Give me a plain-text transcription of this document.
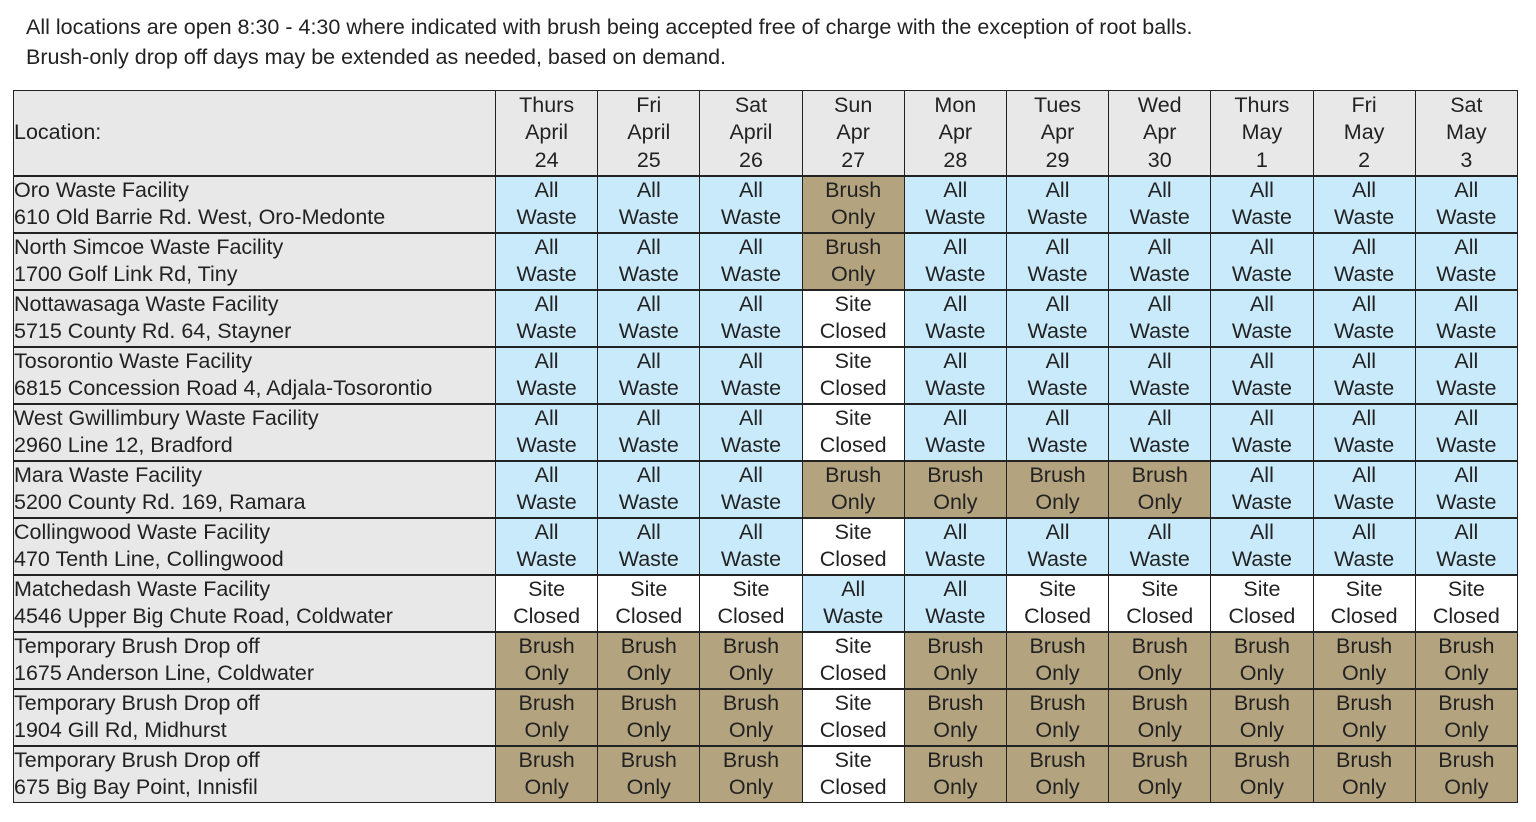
All locations are open 8:30 - 4:30 where indicated with brush being accepted free of charge with the exception of root balls.
Brush-only drop off days may be extended as needed, based on demand.
Location:	Thurs
April
24	Fri
April
25	Sat
April
26	Sun
Apr
27	Mon
Apr
28	Tues
Apr
29	Wed
Apr
30	Thurs
May
1	Fri
May
2	Sat
May
3

Oro Waste Facility
610 Old Barrie Rd. West, Oro-Medonte	All
Waste	All
Waste	All
Waste	Brush
Only	All
Waste	All
Waste	All
Waste	All
Waste	All
Waste	All
Waste

North Simcoe Waste Facility
1700 Golf Link Rd, Tiny	All
Waste	All
Waste	All
Waste	Brush
Only	All
Waste	All
Waste	All
Waste	All
Waste	All
Waste	All
Waste

Nottawasaga Waste Facility
5715 County Rd. 64, Stayner	All
Waste	All
Waste	All
Waste	Site
Closed	All
Waste	All
Waste	All
Waste	All
Waste	All
Waste	All
Waste

Tosorontio Waste Facility
6815 Concession Road 4, Adjala-Tosorontio	All
Waste	All
Waste	All
Waste	Site
Closed	All
Waste	All
Waste	All
Waste	All
Waste	All
Waste	All
Waste

West Gwillimbury Waste Facility
2960 Line 12, Bradford	All
Waste	All
Waste	All
Waste	Site
Closed	All
Waste	All
Waste	All
Waste	All
Waste	All
Waste	All
Waste

Mara Waste Facility
5200 County Rd. 169, Ramara	All
Waste	All
Waste	All
Waste	Brush
Only	Brush
Only	Brush
Only	Brush
Only	All
Waste	All
Waste	All
Waste

Collingwood Waste Facility
470 Tenth Line, Collingwood	All
Waste	All
Waste	All
Waste	Site
Closed	All
Waste	All
Waste	All
Waste	All
Waste	All
Waste	All
Waste

Matchedash Waste Facility
4546 Upper Big Chute Road, Coldwater	Site
Closed	Site
Closed	Site
Closed	All
Waste	All
Waste	Site
Closed	Site
Closed	Site
Closed	Site
Closed	Site
Closed

Temporary Brush Drop off
1675 Anderson Line, Coldwater	Brush
Only	Brush
Only	Brush
Only	Site
Closed	Brush
Only	Brush
Only	Brush
Only	Brush
Only	Brush
Only	Brush
Only

Temporary Brush Drop off
1904 Gill Rd, Midhurst	Brush
Only	Brush
Only	Brush
Only	Site
Closed	Brush
Only	Brush
Only	Brush
Only	Brush
Only	Brush
Only	Brush
Only

Temporary Brush Drop off
675 Big Bay Point, Innisfil	Brush
Only	Brush
Only	Brush
Only	Site
Closed	Brush
Only	Brush
Only	Brush
Only	Brush
Only	Brush
Only	Brush
Only
